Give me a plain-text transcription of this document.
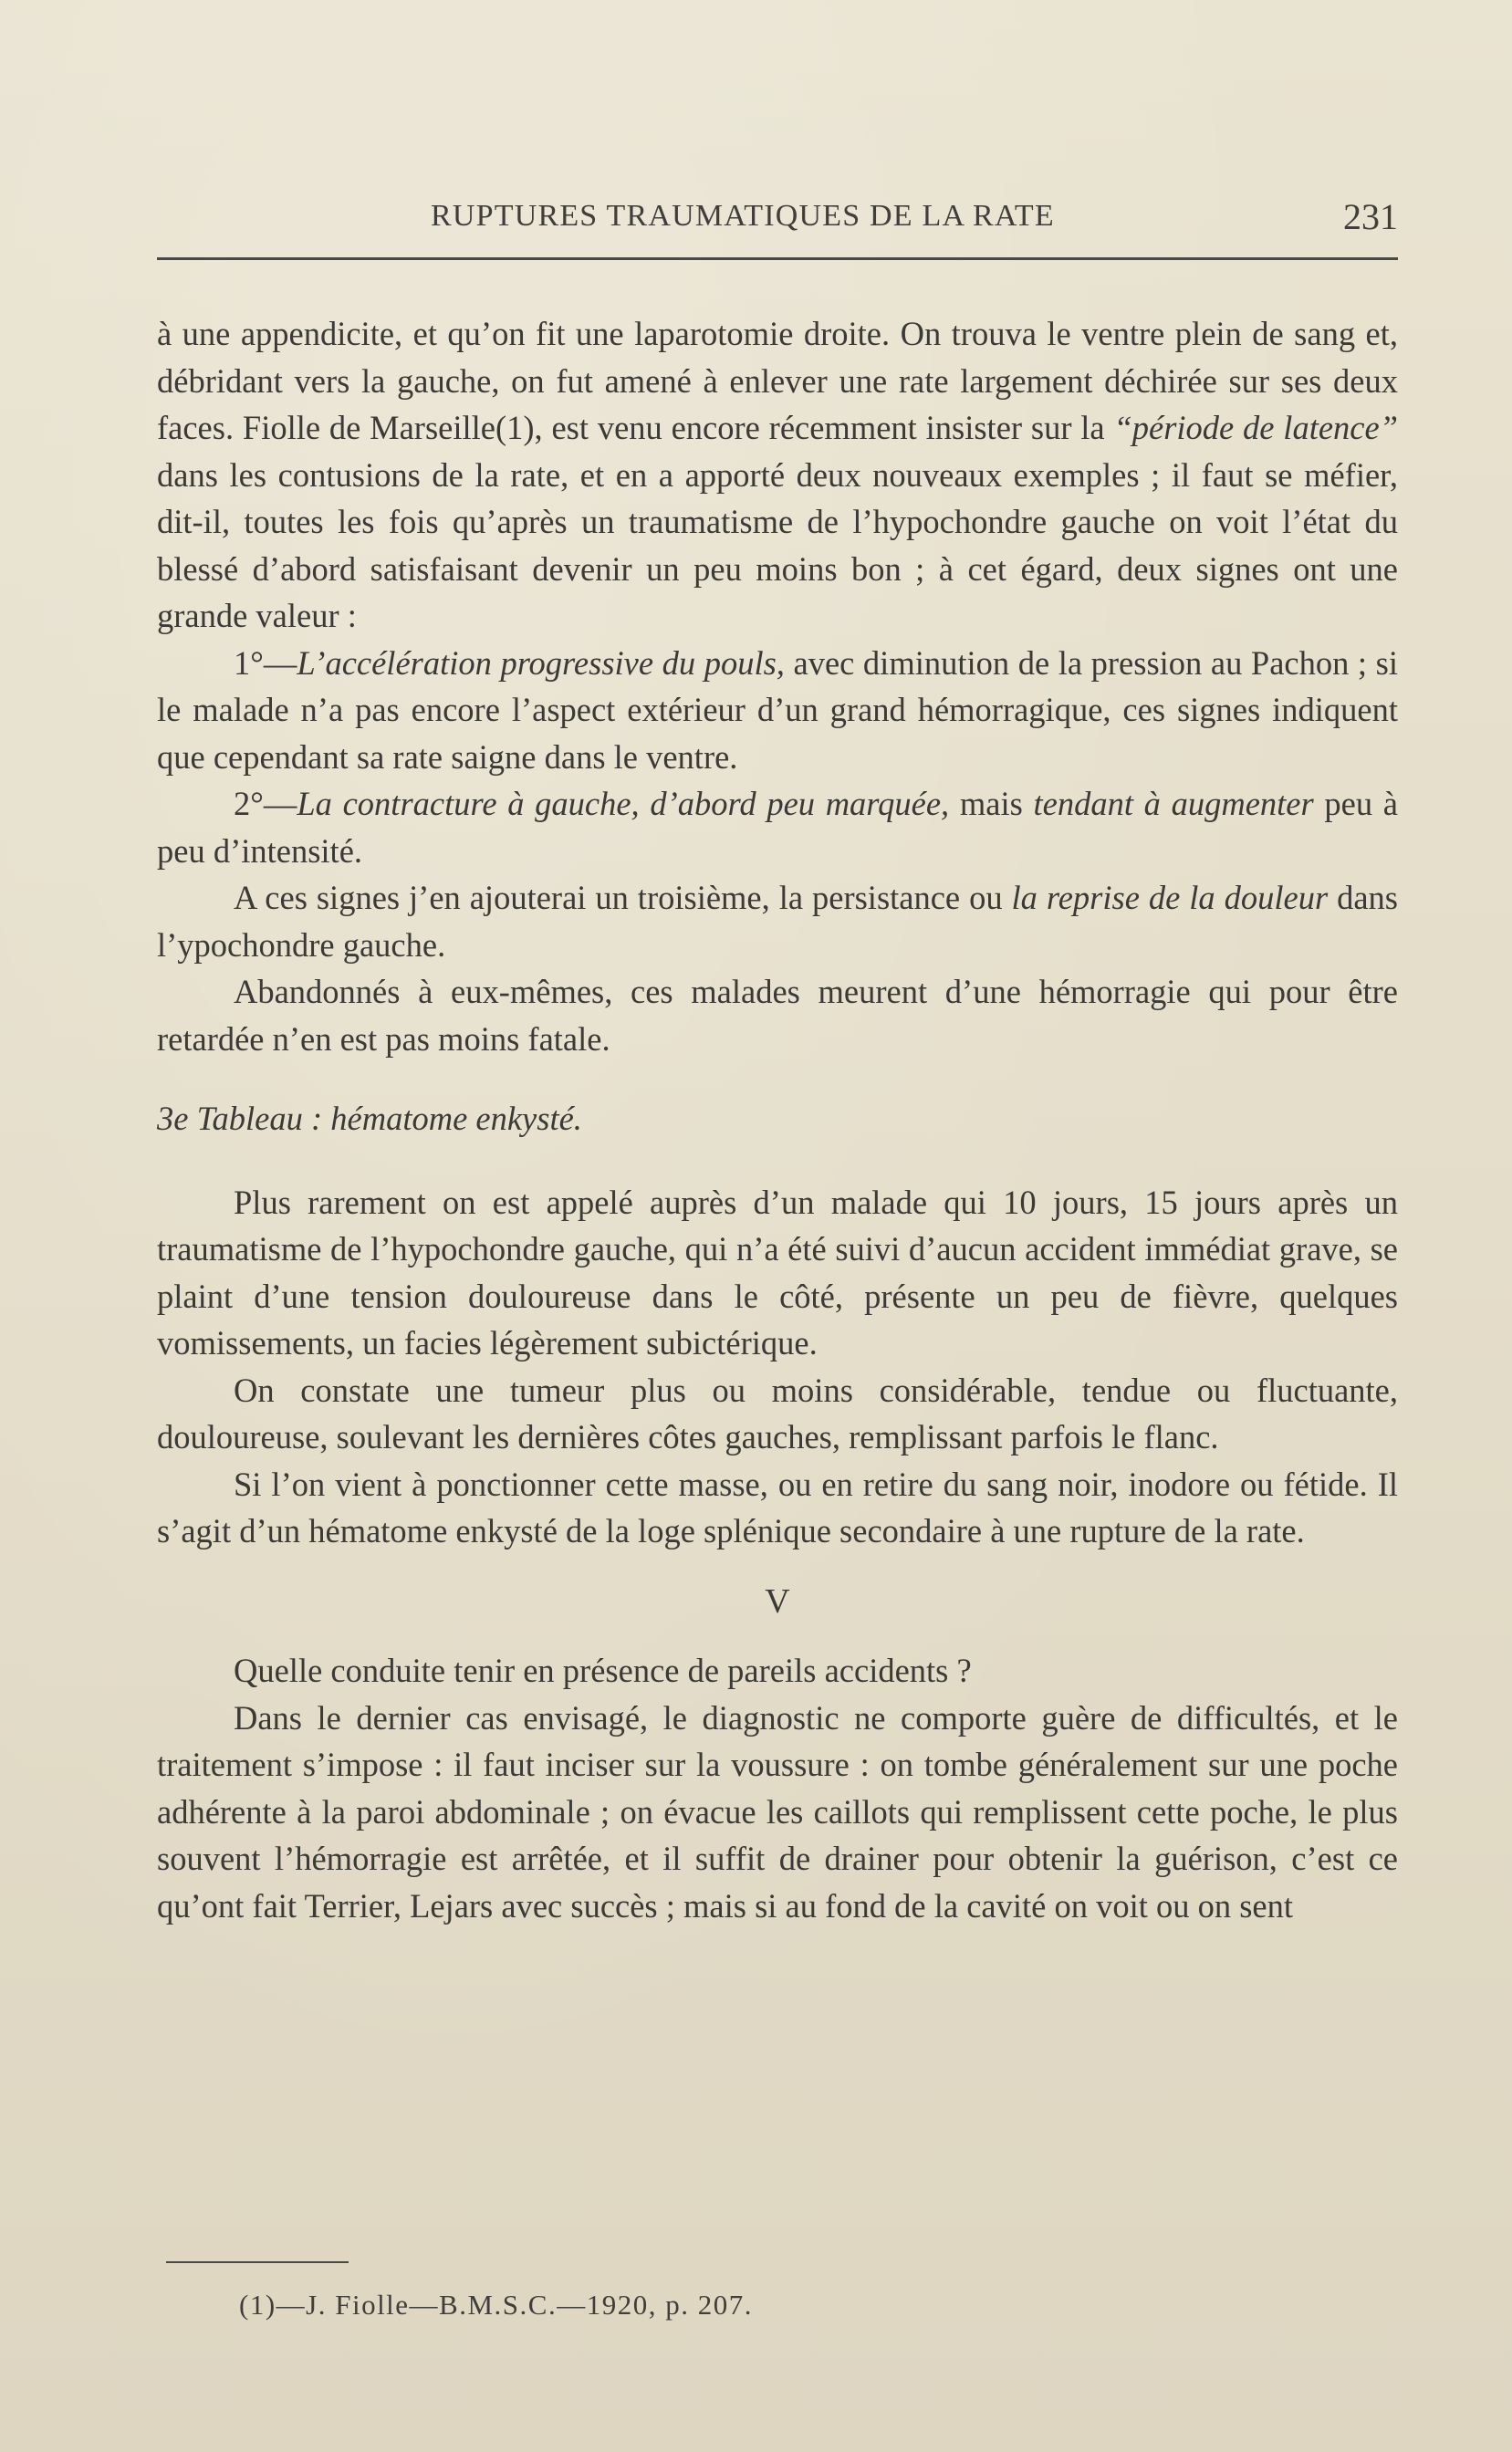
RUPTURES TRAUMATIQUES DE LA RATE	231

à une appendicite, et qu’on fit une laparotomie droite. On trouva le ventre plein de sang et, débridant vers la gauche, on fut amené à enlever une rate largement déchirée sur ses deux faces. Fiolle de Marseille(1), est venu encore récemment insister sur la “période de latence” dans les contusions de la rate, et en a apporté deux nouveaux exemples ; il faut se méfier, dit-il, toutes les fois qu’après un traumatisme de l’hypochondre gauche on voit l’état du blessé d’abord satisfaisant devenir un peu moins bon ; à cet égard, deux signes ont une grande valeur :

1°—L’accélération progressive du pouls, avec diminution de la pression au Pachon ; si le malade n’a pas encore l’aspect extérieur d’un grand hémorragique, ces signes indiquent que cependant sa rate saigne dans le ventre.

2°—La contracture à gauche, d’abord peu marquée, mais tendant à augmenter peu à peu d’intensité.

A ces signes j’en ajouterai un troisième, la persistance ou la reprise de la douleur dans l’ypochondre gauche.

Abandonnés à eux-mêmes, ces malades meurent d’une hémorragie qui pour être retardée n’en est pas moins fatale.

3e Tableau : hématome enkysté.

Plus rarement on est appelé auprès d’un malade qui 10 jours, 15 jours après un traumatisme de l’hypochondre gauche, qui n’a été suivi d’aucun accident immédiat grave, se plaint d’une tension douloureuse dans le côté, présente un peu de fièvre, quelques vomissements, un facies légèrement subictérique.

On constate une tumeur plus ou moins considérable, tendue ou fluctuante, douloureuse, soulevant les dernières côtes gauches, remplissant parfois le flanc.

Si l’on vient à ponctionner cette masse, ou en retire du sang noir, inodore ou fétide. Il s’agit d’un hématome enkysté de la loge splénique secondaire à une rupture de la rate.

V

Quelle conduite tenir en présence de pareils accidents ?

Dans le dernier cas envisagé, le diagnostic ne comporte guère de difficultés, et le traitement s’impose : il faut inciser sur la voussure : on tombe généralement sur une poche adhérente à la paroi abdominale ; on évacue les caillots qui remplissent cette poche, le plus souvent l’hémorragie est arrêtée, et il suffit de drainer pour obtenir la guérison, c’est ce qu’ont fait Terrier, Lejars avec succès ; mais si au fond de la cavité on voit ou on sent

(1)—J. Fiolle—B.M.S.C.—1920, p. 207.
